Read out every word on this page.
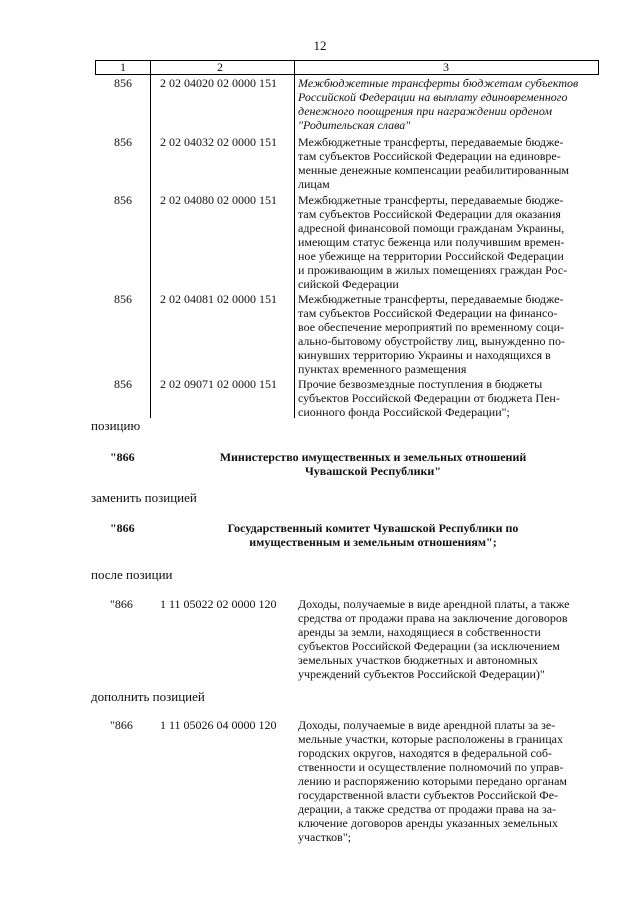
12
1	2	3
856 2 02 04020 02 0000 151 Межбюджетные трансферты бюджетам субъектов
Российской Федерации на выплату единовременного
денежного поощрения при награждении орденом
"Родительская слава"
856 2 02 04032 02 0000 151 Межбюджетные трансферты, передаваемые бюдже-
там субъектов Российской Федерации на единовре-
менные денежные компенсации реабилитированным
лицам
856 2 02 04080 02 0000 151 Межбюджетные трансферты, передаваемые бюдже-
там субъектов Российской Федерации для оказания
адресной финансовой помощи гражданам Украины,
имеющим статус беженца или получившим времен-
ное убежище на территории Российской Федерации
и проживающим в жилых помещениях граждан Рос-
сийской Федерации
856 2 02 04081 02 0000 151 Межбюджетные трансферты, передаваемые бюдже-
там субъектов Российской Федерации на финансо-
вое обеспечение мероприятий по временному соци-
ально-бытовому обустройству лиц, вынужденно по-
кинувших территорию Украины и находящихся в
пунктах временного размещения
856 2 02 09071 02 0000 151 Прочие безвозмездные поступления в бюджеты
субъектов Российской Федерации от бюджета Пен-
сионного фонда Российской Федерации";
позицию
"866	Министерство имущественных и земельных отношений
Чувашской Республики"
заменить позицией
"866	Государственный комитет Чувашской Республики по
имущественным и земельным отношениям";
после позиции
"866 1 11 05022 02 0000 120 Доходы, получаемые в виде арендной платы, а также
средства от продажи права на заключение договоров
аренды за земли, находящиеся в собственности
субъектов Российской Федерации (за исключением
земельных участков бюджетных и автономных
учреждений субъектов Российской Федерации)"
дополнить позицией
"866 1 11 05026 04 0000 120 Доходы, получаемые в виде арендной платы за зе-
мельные участки, которые расположены в границах
городских округов, находятся в федеральной соб-
ственности и осуществление полномочий по управ-
лению и распоряжению которыми передано органам
государственной власти субъектов Российской Фе-
дерации, а также средства от продажи права на за-
ключение договоров аренды указанных земельных
участков";
